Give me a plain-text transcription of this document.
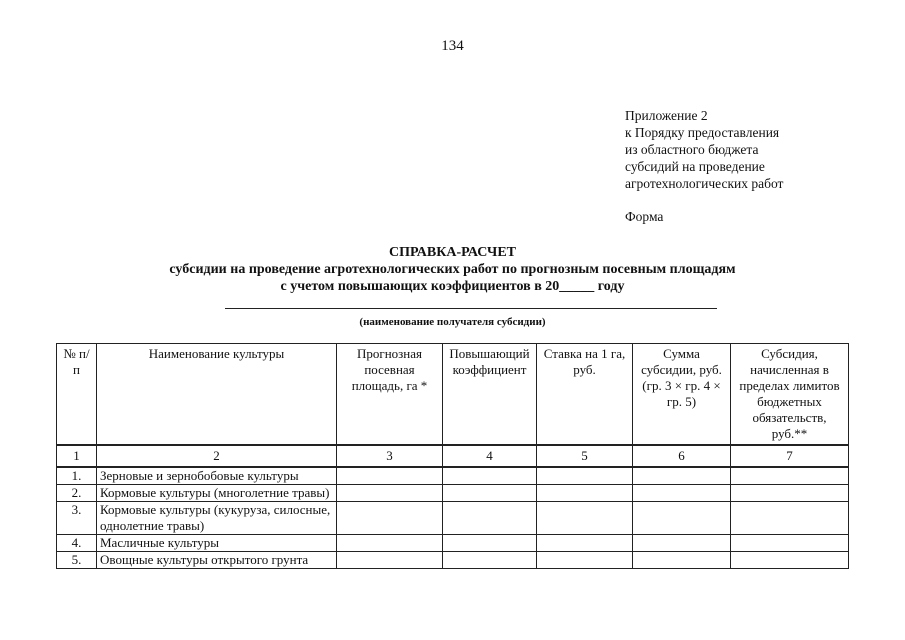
134
Приложение 2
к Порядку предоставления
из областного бюджета
субсидий на проведение
агротехнологических работ
Форма
СПРАВКА-РАСЧЕТ
субсидии на проведение агротехнологических работ по прогнозным посевным площадям
с учетом повышающих коэффициентов в 20_____ году
(наименование получателя субсидии)
№ п/п	Наименование культуры	Прогнозная посевная площадь, га *	Повышающий коэффициент	Ставка на 1 га, руб.	Сумма субсидии, руб. (гр. 3 × гр. 4 × гр. 5)	Субсидия, начисленная в пределах лимитов бюджетных обязательств, руб.**
1	2	3	4	5	6	7
1.	Зерновые и зернобобовые культуры					
2.	Кормовые культуры (многолетние травы)					
3.	Кормовые культуры (кукуруза, силосные, однолетние травы)					
4.	Масличные культуры					
5.	Овощные культуры открытого грунта					
